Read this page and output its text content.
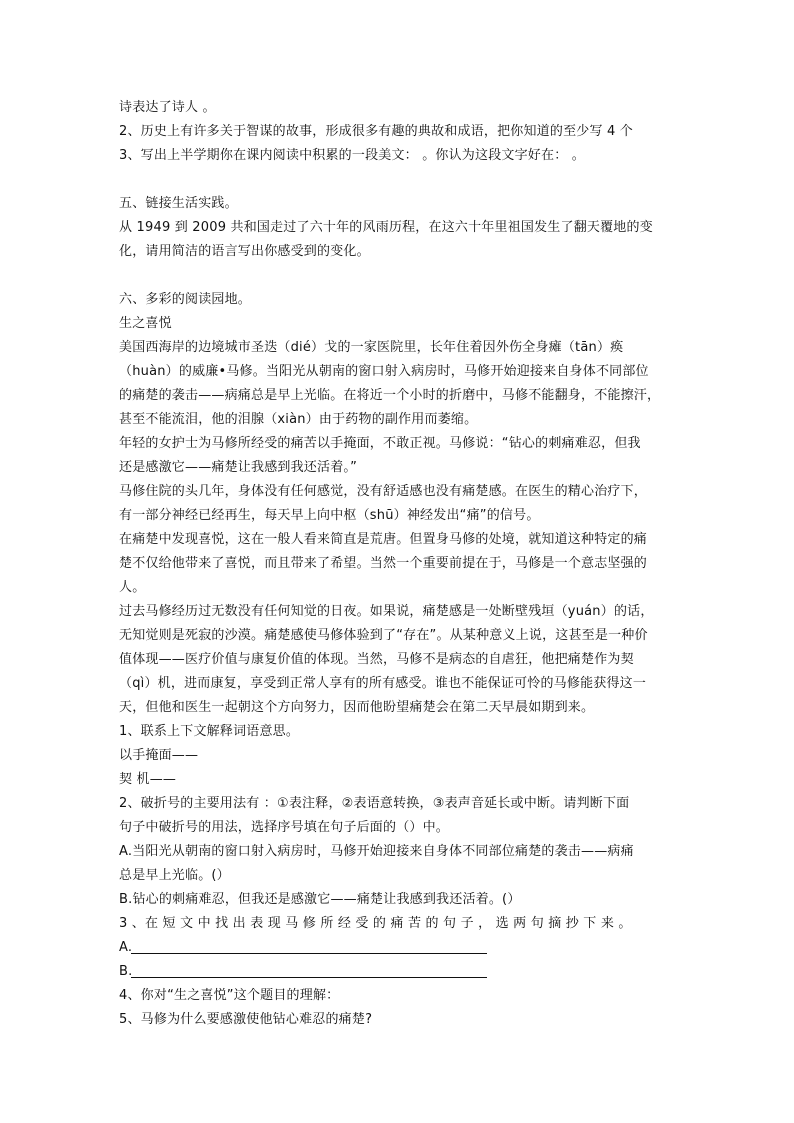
诗表达了诗人 。
2、历史上有许多关于智谋的故事，形成很多有趣的典故和成语，把你知道的至少写 4 个
3、写出上半学期你在课内阅读中积累的一段美文： 。你认为这段文字好在： 。
五、链接生活实践。
从 1949 到 2009 共和国走过了六十年的风雨历程，在这六十年里祖国发生了翻天覆地的变
化，请用简洁的语言写出你感受到的变化。
六、多彩的阅读园地。
生之喜悦
美国西海岸的边境城市圣迭（dié）戈的一家医院里，长年住着因外伤全身瘫（tān）痪
（huàn）的威廉•马修。当阳光从朝南的窗口射入病房时，马修开始迎接来自身体不同部位
的痛楚的袭击——病痛总是早上光临。在将近一个小时的折磨中，马修不能翻身，不能擦汗，
甚至不能流泪，他的泪腺（xiàn）由于药物的副作用而萎缩。
年轻的女护士为马修所经受的痛苦以手掩面，不敢正视。马修说：“钻心的刺痛难忍，但我
还是感激它——痛楚让我感到我还活着。”
马修住院的头几年，身体没有任何感觉，没有舒适感也没有痛楚感。在医生的精心治疗下，
有一部分神经已经再生，每天早上向中枢（shū）神经发出“痛”的信号。
在痛楚中发现喜悦，这在一般人看来简直是荒唐。但置身马修的处境，就知道这种特定的痛
楚不仅给他带来了喜悦，而且带来了希望。当然一个重要前提在于，马修是一个意志坚强的
人。
过去马修经历过无数没有任何知觉的日夜。如果说，痛楚感是一处断壁残垣（yuán）的话，
无知觉则是死寂的沙漠。痛楚感使马修体验到了“存在”。从某种意义上说，这甚至是一种价
值体现——医疗价值与康复价值的体现。当然，马修不是病态的自虐狂，他把痛楚作为契
（qì）机，进而康复，享受到正常人享有的所有感受。谁也不能保证可怜的马修能获得这一
天，但他和医生一起朝这个方向努力，因而他盼望痛楚会在第二天早晨如期到来。
1、联系上下文解释词语意思。
以手掩面——
契 机——
2、破折号的主要用法有 ：①表注释，②表语意转换，③表声音延长或中断。请判断下面
句子中破折号的用法，选择序号填在句子后面的（）中。
A.当阳光从朝南的窗口射入病房时，马修开始迎接来自身体不同部位痛楚的袭击——病痛
总是早上光临。(）
B.钻心的刺痛难忍，但我还是感激它——痛楚让我感到我还活着。(）
3 、在 短 文 中 找 出 表 现 马 修 所 经 受 的 痛 苦 的 句 子 ， 选 两 句 摘 抄 下 来 。
A.
B.
4、你对“生之喜悦”这个题目的理解：
5、马修为什么要感激使他钻心难忍的痛楚?
